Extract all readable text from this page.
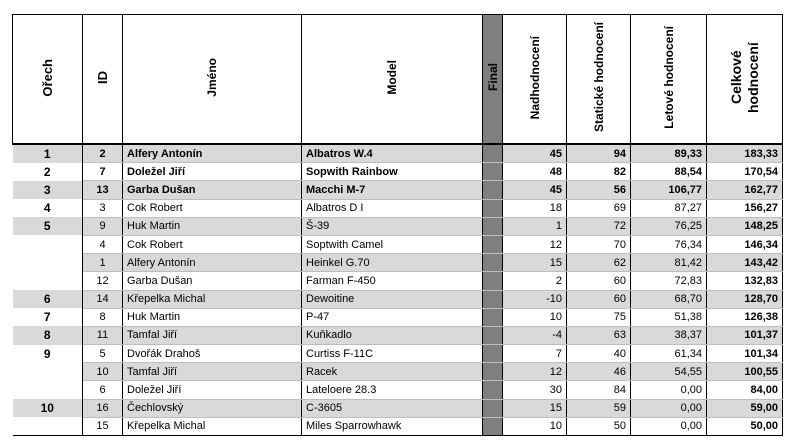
Ořech	ID	Jméno	Model	Final	Nadhodnocení	Statické hodnocení	Letové hodnocení	Celkové hodnocení
1	2	Alfery Antonín	Albatros W.4		45	94	89,33	183,33
2	7	Doležel Jiří	Sopwith Rainbow		48	82	88,54	170,54
3	13	Garba Dušan	Macchi M-7		45	56	106,77	162,77
4	3	Cok Robert	Albatros D I		18	69	87,27	156,27
5	9	Huk Martin	Š-39		1	72	76,25	148,25
	4	Cok Robert	Soptwith Camel		12	70	76,34	146,34
	1	Alfery Antonín	Heinkel G.70		15	62	81,42	143,42
	12	Garba Dušan	Farman F-450		2	60	72,83	132,83
6	14	Křepelka Michal	Dewoitine		-10	60	68,70	128,70
7	8	Huk Martin	P-47		10	75	51,38	126,38
8	11	Tamfal Jiří	Kuňkadlo		-4	63	38,37	101,37
9	5	Dvořák Drahoš	Curtiss F-11C		7	40	61,34	101,34
	10	Tamfal Jiří	Racek		12	46	54,55	100,55
	6	Doležel Jiří	Lateloere 28.3		30	84	0,00	84,00
10	16	Čechlovský	C-3605		15	59	0,00	59,00
	15	Křepelka Michal	Miles Sparrowhawk		10	50	0,00	50,00
